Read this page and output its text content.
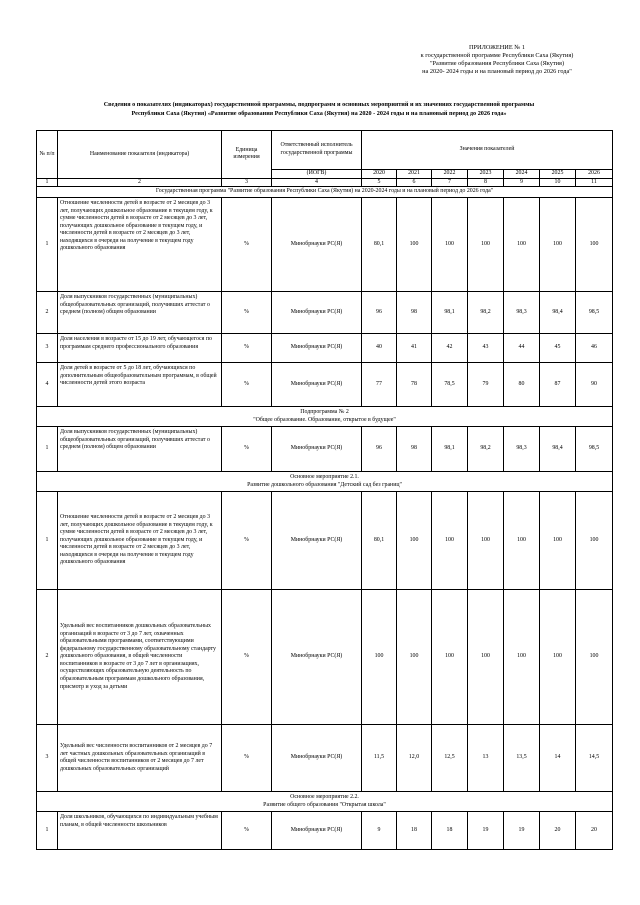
ПРИЛОЖЕНИЕ № 1
к государственной программе Республики Саха (Якутия)
"Развитие образования Республики Саха (Якутия)
на 2020- 2024 годы и на плановый период до 2026 года"
Сведения о показателях (индикаторах) государственной программы, подпрограмм и основных мероприятий и их значениях государственной программы
Республики Саха (Якутия) «Развитие образования Республики Саха (Якутия) на 2020 - 2024 годы и на плановый период до 2026 года»
№ п/п	Наименование показателя (индикатора)	Единица измерения	Ответственный исполнитель государственной программы	Значения показателей						
			(ИОГВ)	2020	2021	2022	2023	2024	2025	2026
1	2	3	4	5	6	7	8	9	10	11
Государственная программа "Развитие образования Республики Саха (Якутия) на 2020-2024 годы и на плановый период до 2026 года"										
1	Отношение численности детей в возрасте от 2 месяцев до 3 лет, получающих дошкольное образование в текущем году, к сумме численности детей в возрасте от 2 месяцев до 3 лет, получающих дошкольное образование в текущем году, и численности детей в возрасте от 2 месяцев до 3 лет, находящихся в очереди на получение в текущем году дошкольного образования	%	Минобрнауки РС(Я)	80,1	100	100	100	100	100	100
2	Доля выпускников государственных (муниципальных) общеобразовательных организаций, получивших аттестат о среднем (полном) общем образовании	%	Минобрнауки РС(Я)	96	98	98,1	98,2	98,3	98,4	98,5
3	Доля населения в возрасте от 15 до 19 лет, обучающегося по программам среднего профессионального образования	%	Минобрнауки РС(Я)	40	41	42	43	44	45	46
4	Доля детей в возрасте от 5 до 18 лет, обучающихся по дополнительным общеобразовательным программам, в общей численности детей этого возраста	%	Минобрнауки РС(Я)	77	78	78,5	79	80	87	90

Подпрограмма № 2
"Общее образование. Образование, открытое в будущее"										

1	Доля выпускников государственных (муниципальных) общеобразовательных организаций, получивших аттестат о среднем (полном) общем образовании	%	Минобрнауки РС(Я)	96	98	98,1	98,2	98,3	98,4	98,5

Основное мероприятие 2.1.
Развитие дошкольного образования "Детский сад без границ"										

1	Отношение численности детей в возрасте от 2 месяцев до 3 лет, получающих дошкольное образование в текущем году, к сумме численности детей в возрасте от 2 месяцев до 3 лет, получающих дошкольное образование в текущем году, и численности детей в возрасте от 2 месяцев до 3 лет, находящихся в очереди на получение в текущем году дошкольного образования	%	Минобрнауки РС(Я)	80,1	100	100	100	100	100	100
2	Удельный вес воспитанников дошкольных образовательных организаций в возрасте от 3 до 7 лет, охваченных образовательными программами, соответствующими федеральному государственному образовательному стандарту дошкольного образования, в общей численности воспитанников в возрасте от 3 до 7 лет в организациях, осуществляющих образовательную деятельность по образовательным программам дошкольного образования, присмотр и уход за детьми	%	Минобрнауки РС(Я)	100	100	100	100	100	100	100
3	Удельный вес численности воспитанников от 2 месяцев до 7 лет частных дошкольных образовательных организаций в общей численности воспитанников от 2 месяцев до 7 лет дошкольных образовательных организаций	%	Минобрнауки РС(Я)	11,5	12,0	12,5	13	13,5	14	14,5

Основное мероприятие 2.2.
Развитие общего образования "Открытая школа"										

1	Доля школьников, обучающихся по индивидуальным учебным планам, в общей численности школьников	%	Минобрнауки РС(Я)	9	18	18	19	19	20	20
